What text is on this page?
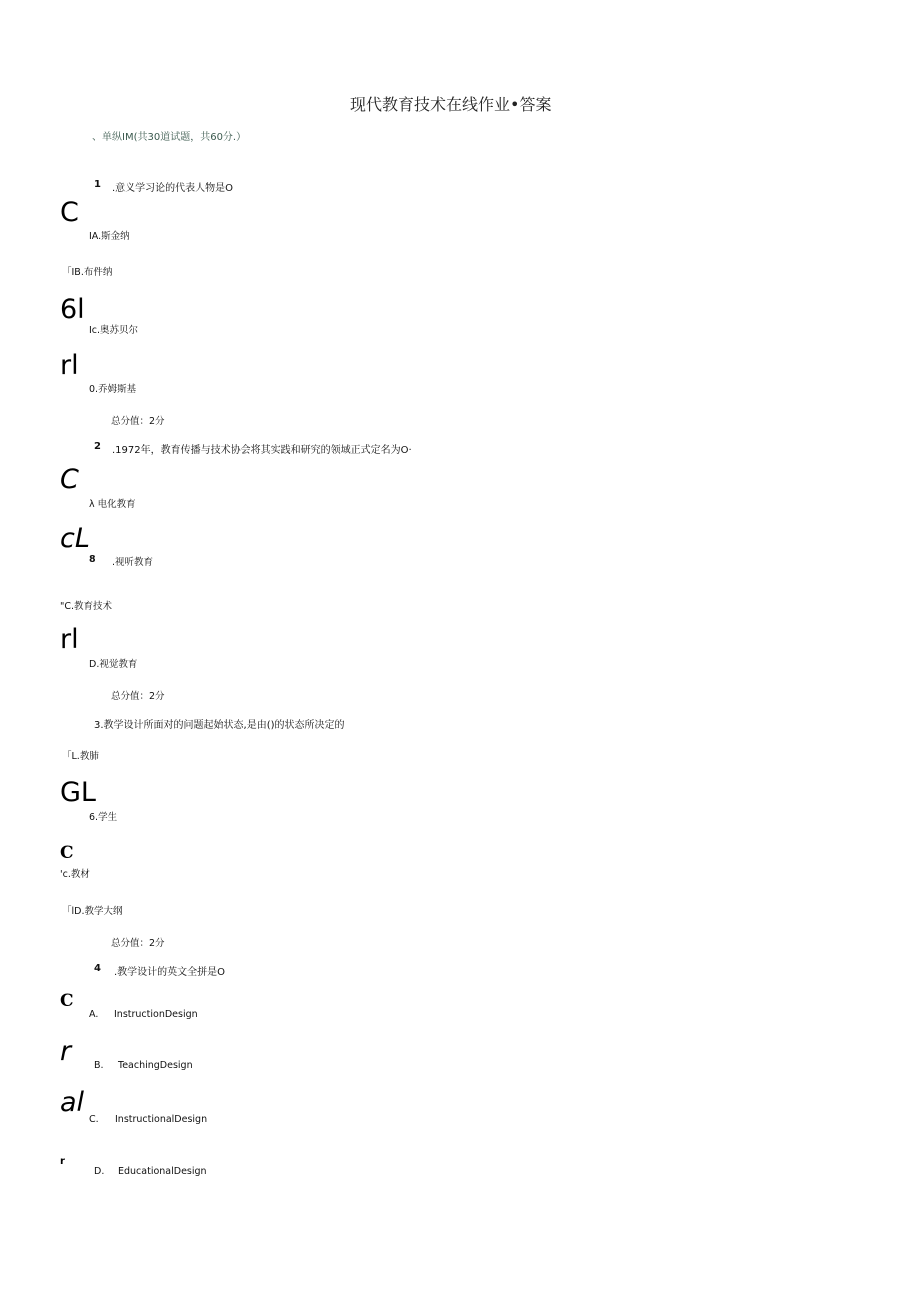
现代教育技术在线作业•答案
、单纵IM(共30道试题，共60分.）
1 .意义学习论的代表人物是O
C
IA.斯金纳
「IB.布件纳
6l
Ic.奥苏贝尔
rl
0.乔姆斯基
总分值：2分
2 .1972年，教育传播与技术协会将其实践和研究的领域正式定名为O·
C
λ 电化教育
cL
8 .视听教育
"C.教育技术
rl
D.视觉教育
总分值：2分
3.教学设计所面对的问题起始状态,是由()的状态所决定的
「L.教肺
GL
6.学生
C
'c.教材
「lD.教学大纲
总分值：2分
4 .教学设计的英文全拼是O
C
A. InstructionDesign
r B. TeachingDesign
al
C. InstructionalDesign
r
D. EducationalDesign
